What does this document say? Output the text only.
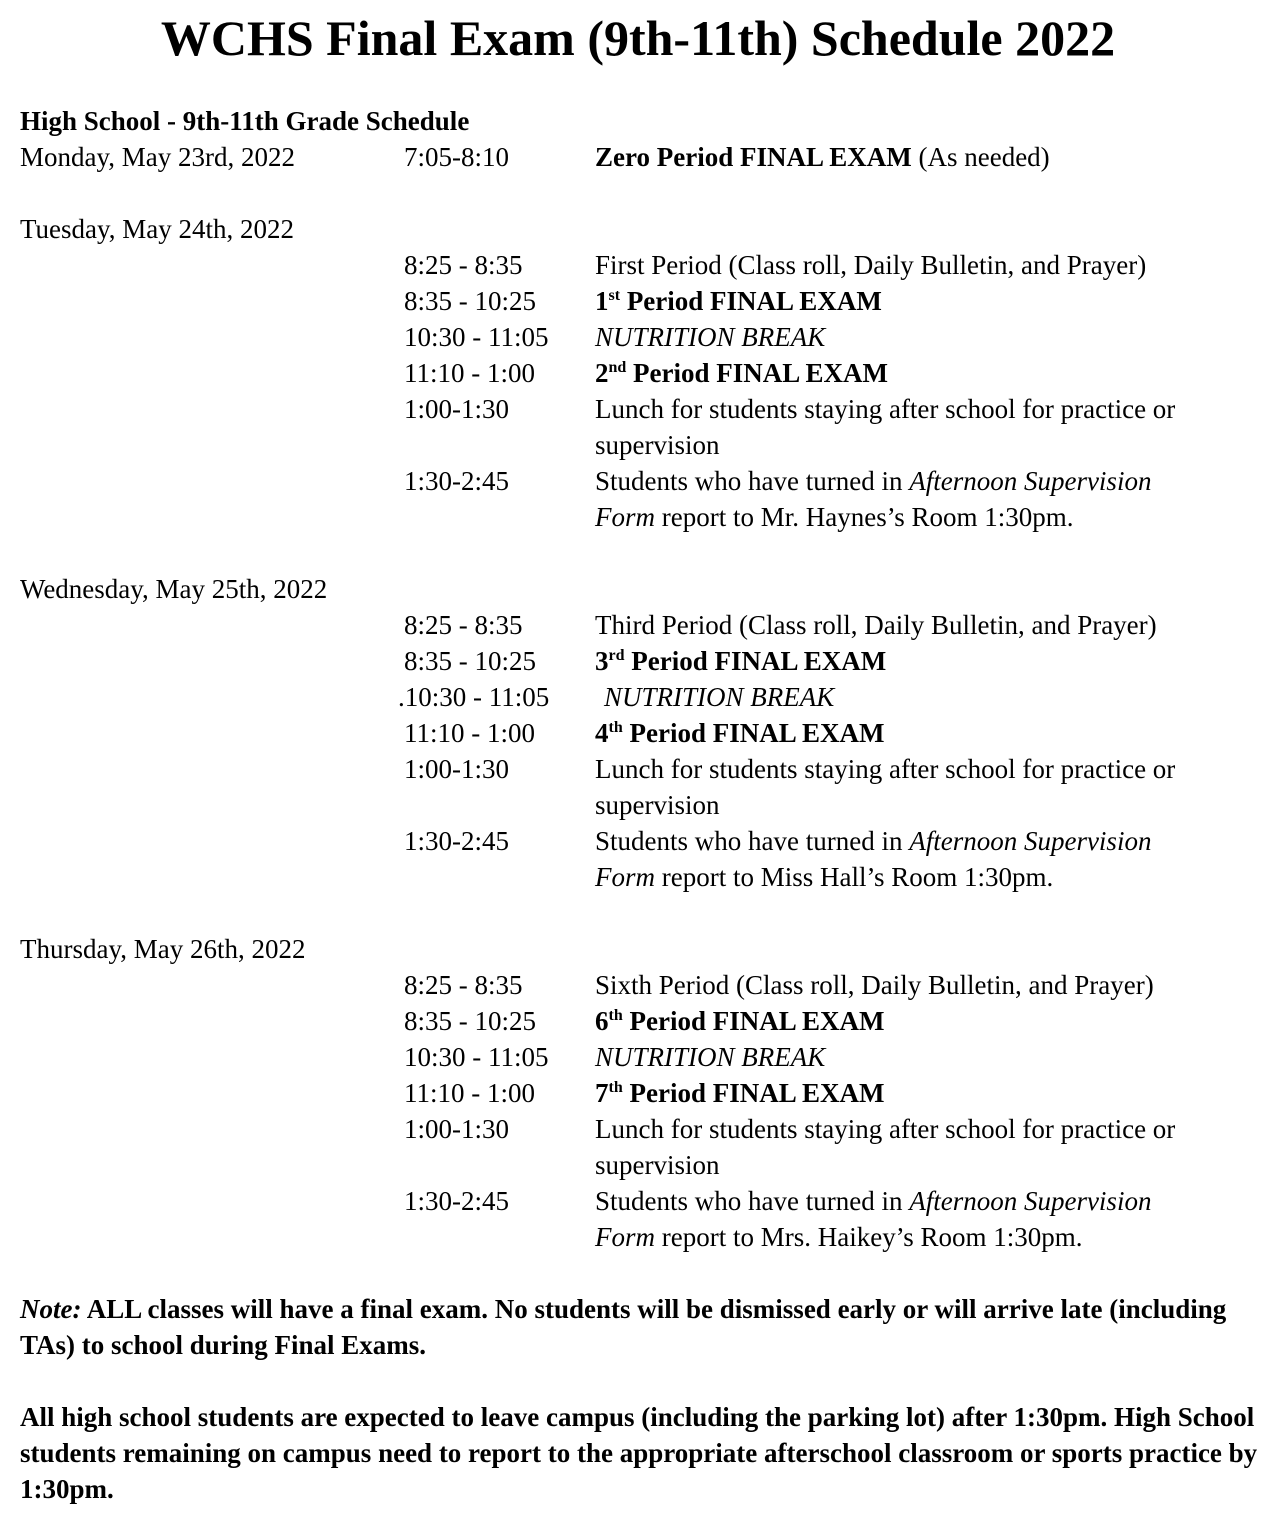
WCHS Final Exam (9th-11th) Schedule 2022
High School - 9th-11th Grade Schedule
Monday, May 23rd, 2022	7:05-8:10	Zero Period FINAL EXAM (As needed)
Tuesday, May 24th, 2022
8:25 - 8:35	First Period (Class roll, Daily Bulletin, and Prayer)
8:35 - 10:25 1st Period FINAL EXAM
10:30 - 11:05 NUTRITION BREAK
11:10 - 1:00 2nd Period FINAL EXAM
1:00-1:30	Lunch for students staying after school for practice or
supervision
1:30-2:45	Students who have turned in Afternoon Supervision
Form report to Mr. Haynes’s Room 1:30pm.
Wednesday, May 25th, 2022
8:25 - 8:35	Third Period (Class roll, Daily Bulletin, and Prayer)
8:35 - 10:25 3rd Period FINAL EXAM
.10:30 - 11:05 NUTRITION BREAK
11:10 - 1:00 4th Period FINAL EXAM
1:00-1:30	Lunch for students staying after school for practice or
supervision
1:30-2:45	Students who have turned in Afternoon Supervision
Form report to Miss Hall’s Room 1:30pm.
Thursday, May 26th, 2022
8:25 - 8:35	Sixth Period (Class roll, Daily Bulletin, and Prayer)
8:35 - 10:25 6th Period FINAL EXAM
10:30 - 11:05 NUTRITION BREAK
11:10 - 1:00 7th Period FINAL EXAM
1:00-1:30	Lunch for students staying after school for practice or
supervision
1:30-2:45	Students who have turned in Afternoon Supervision
Form report to Mrs. Haikey’s Room 1:30pm.
Note: ALL classes will have a final exam. No students will be dismissed early or will arrive late (including TAs) to school during Final Exams.
All high school students are expected to leave campus (including the parking lot) after 1:30pm. High School students remaining on campus need to report to the appropriate afterschool classroom or sports practice by 1:30pm.
